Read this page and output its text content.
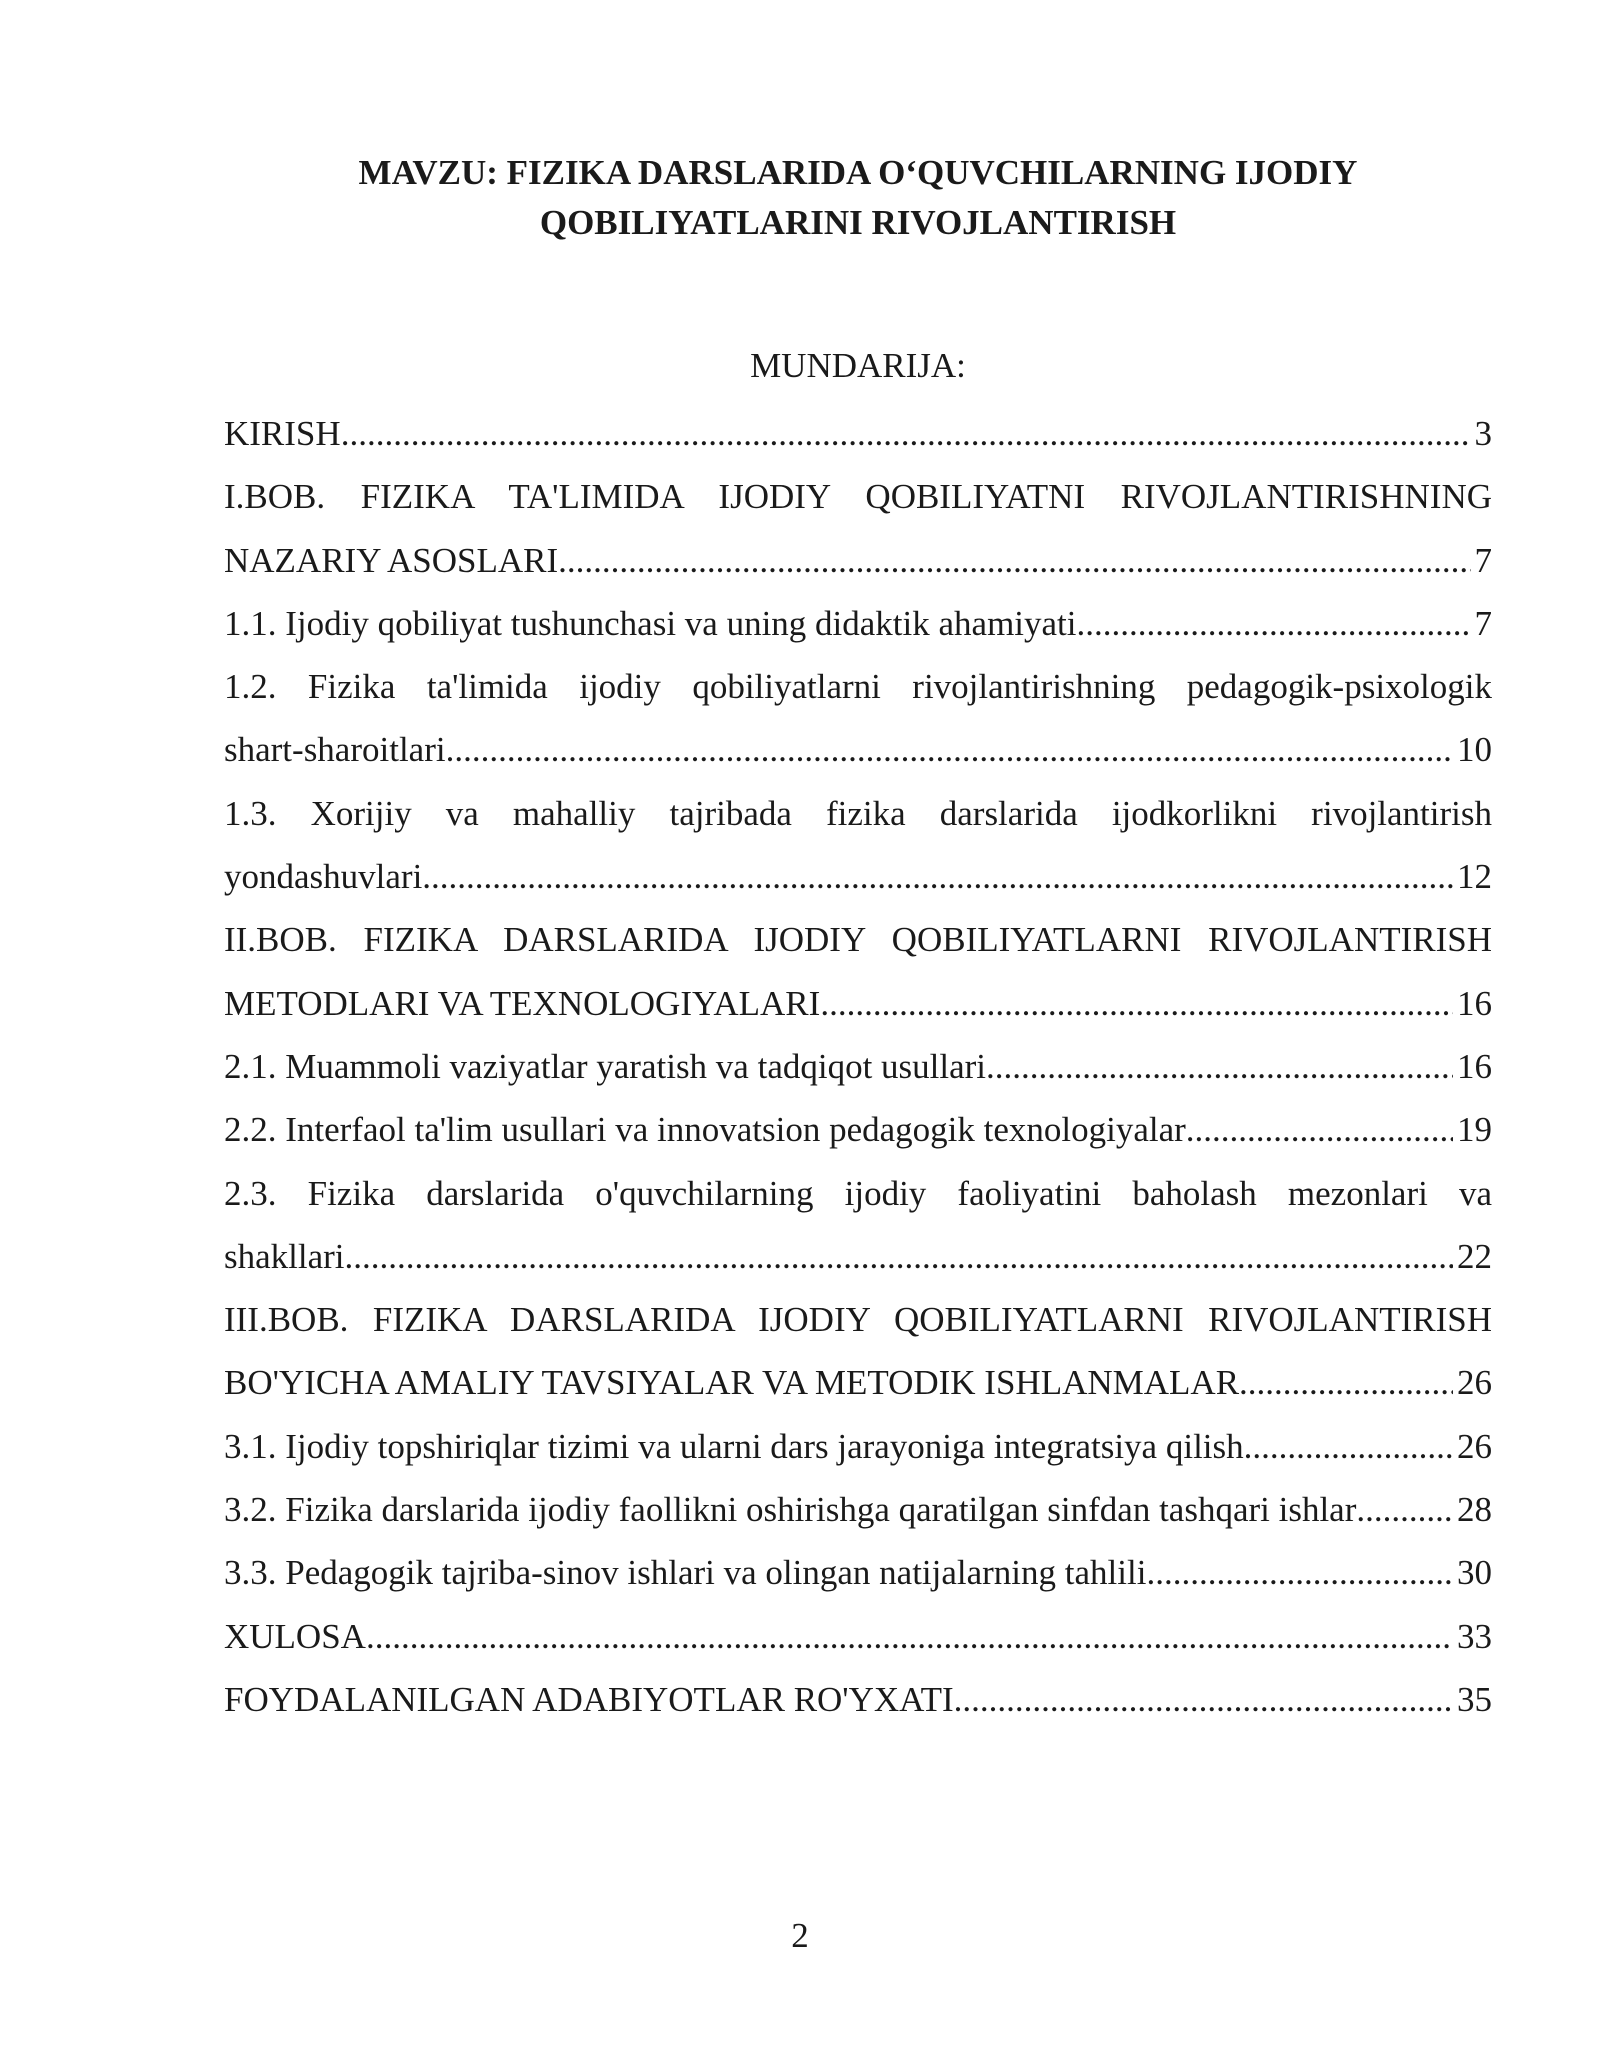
MAVZU: FIZIKA DARSLARIDA O‘QUVCHILARNING IJODIY
QOBILIYATLARINI RIVOJLANTIRISH
MUNDARIJA:
KIRISH .....	3
I.BOB. FIZIKA TA'LIMIDA IJODIY QOBILIYATNI RIVOJLANTIRISHNING
NAZARIY ASOSLARI .....	7
1.1. Ijodiy qobiliyat tushunchasi va uning didaktik ahamiyati .....	7
1.2. Fizika ta'limida ijodiy qobiliyatlarni rivojlantirishning pedagogik-psixologik
shart-sharoitlari .....	10
1.3. Xorijiy va mahalliy tajribada fizika darslarida ijodkorlikni rivojlantirish
yondashuvlari .....	12
II.BOB. FIZIKA DARSLARIDA IJODIY QOBILIYATLARNI RIVOJLANTIRISH
METODLARI VA TEXNOLOGIYALARI .....	16
2.1. Muammoli vaziyatlar yaratish va tadqiqot usullari .....	16
2.2. Interfaol ta'lim usullari va innovatsion pedagogik texnologiyalar .....	19
2.3. Fizika darslarida o'quvchilarning ijodiy faoliyatini baholash mezonlari va
shakllari .....	22
III.BOB. FIZIKA DARSLARIDA IJODIY QOBILIYATLARNI RIVOJLANTIRISH
BO'YICHA AMALIY TAVSIYALAR VA METODIK ISHLANMALAR .....	26
3.1. Ijodiy topshiriqlar tizimi va ularni dars jarayoniga integratsiya qilish .....	26
3.2. Fizika darslarida ijodiy faollikni oshirishga qaratilgan sinfdan tashqari ishlar .....	28
3.3. Pedagogik tajriba-sinov ishlari va olingan natijalarning tahlili .....	30
XULOSA .....	33
FOYDALANILGAN ADABIYOTLAR RO'YXATI .....	35
2
